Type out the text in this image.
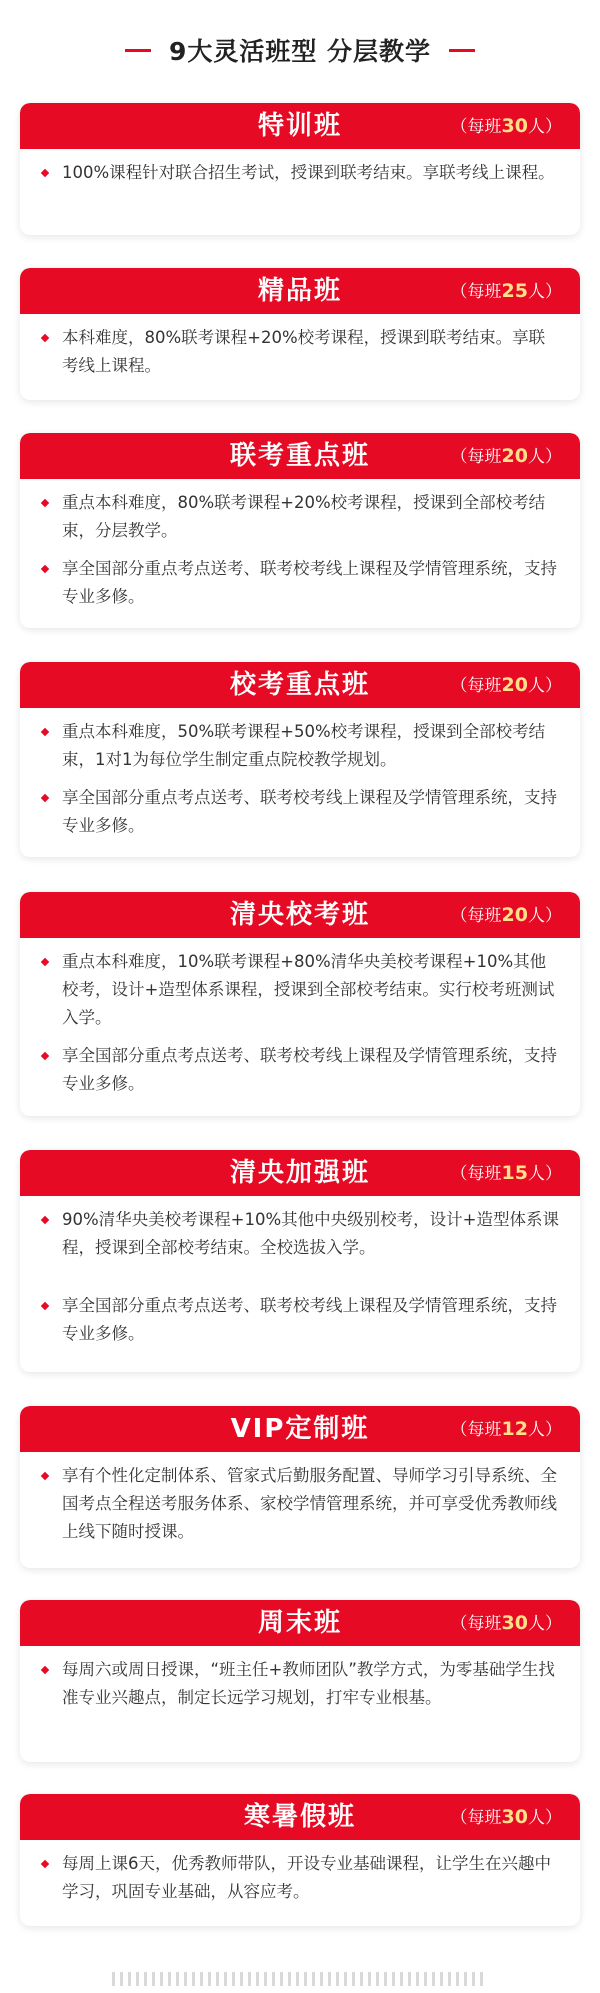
9大灵活班型 分层教学
特训班	（每班30人）
100%课程针对联合招生考试，授课到联考结束。享联考线上课程。
精品班	（每班25人）
本科难度，80%联考课程+20%校考课程，授课到联考结束。享联考线上课程。
联考重点班	（每班20人）
重点本科难度，80%联考课程+20%校考课程，授课到全部校考结束，分层教学。
享全国部分重点考点送考、联考校考线上课程及学情管理系统，支持专业多修。
校考重点班	（每班20人）
重点本科难度，50%联考课程+50%校考课程，授课到全部校考结束，1对1为每位学生制定重点院校教学规划。
享全国部分重点考点送考、联考校考线上课程及学情管理系统，支持专业多修。
清央校考班	（每班20人）
重点本科难度，10%联考课程+80%清华央美校考课程+10%其他校考，设计+造型体系课程，授课到全部校考结束。实行校考班测试入学。
享全国部分重点考点送考、联考校考线上课程及学情管理系统，支持专业多修。
清央加强班	（每班15人）
90%清华央美校考课程+10%其他中央级别校考，设计+造型体系课程，授课到全部校考结束。全校选拔入学。
享全国部分重点考点送考、联考校考线上课程及学情管理系统，支持专业多修。
VIP定制班	（每班12人）
享有个性化定制体系、管家式后勤服务配置、导师学习引导系统、全国考点全程送考服务体系、家校学情管理系统，并可享受优秀教师线上线下随时授课。
周末班	（每班30人）
每周六或周日授课，“班主任+教师团队”教学方式，为零基础学生找准专业兴趣点，制定长远学习规划，打牢专业根基。
寒暑假班	（每班30人）
每周上课6天，优秀教师带队，开设专业基础课程，让学生在兴趣中学习，巩固专业基础，从容应考。
